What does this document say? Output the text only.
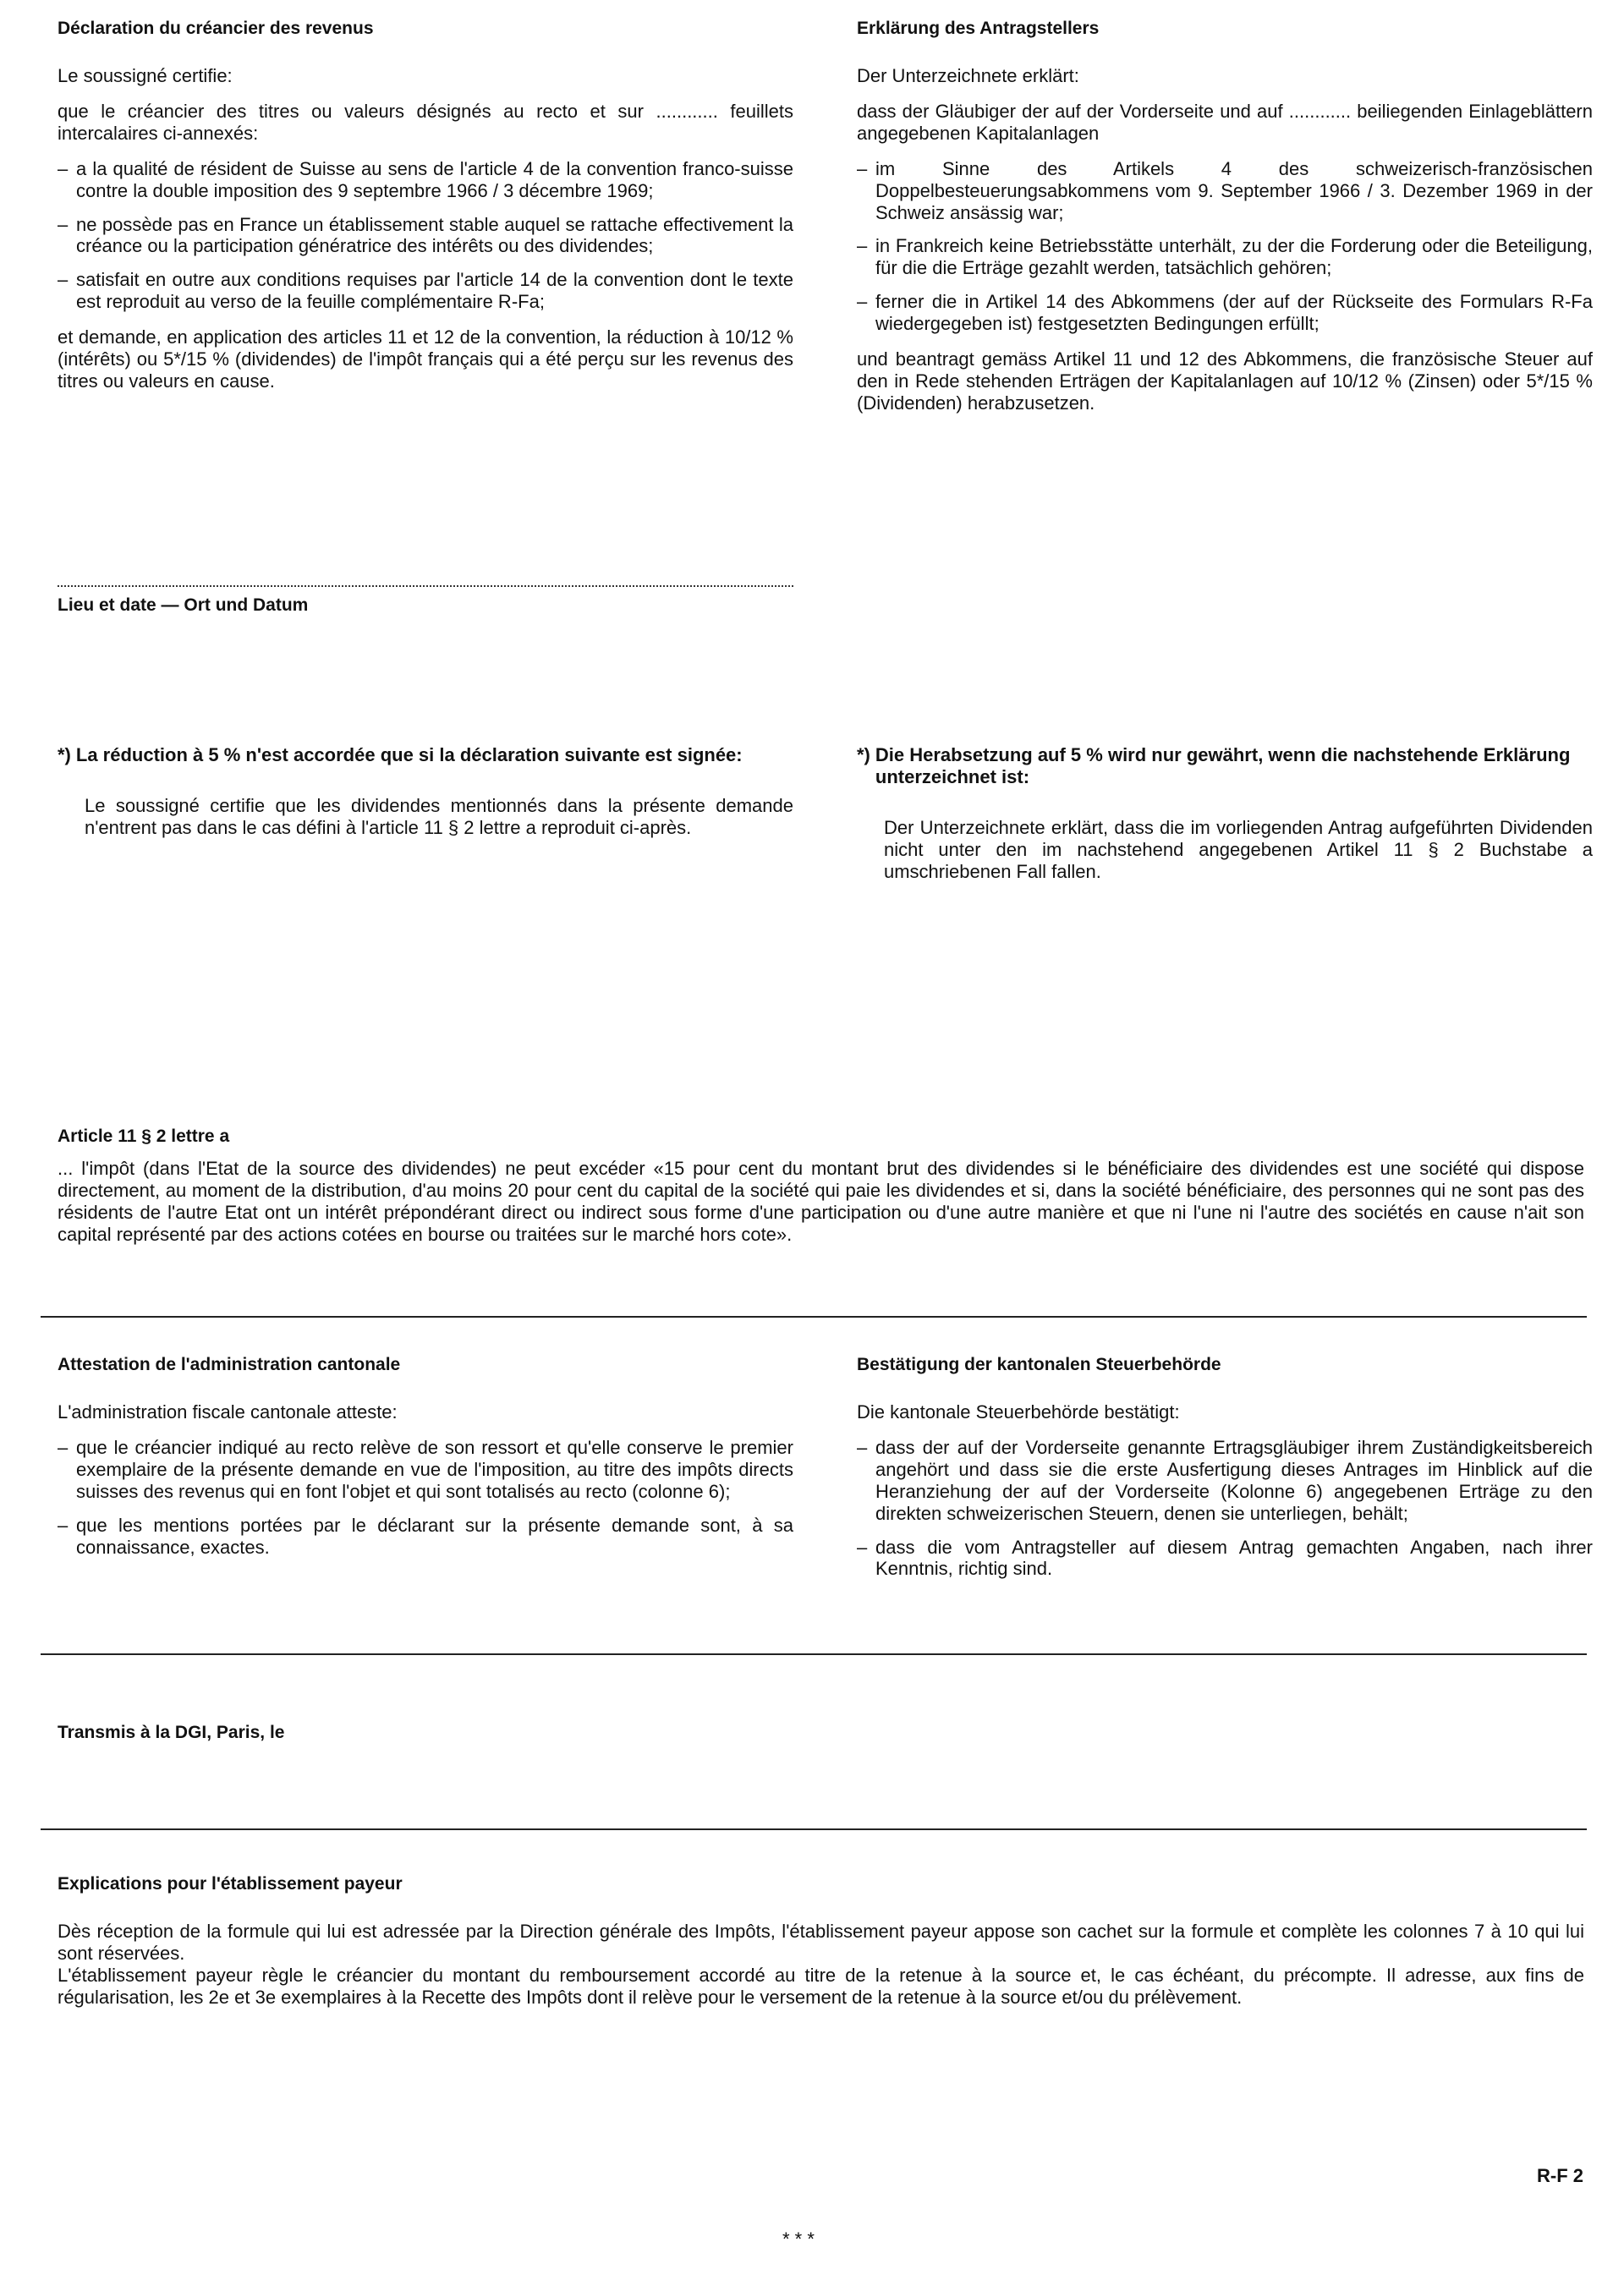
Déclaration du créancier des revenus

Le soussigné certifie:

que le créancier des titres ou valeurs désignés au recto et sur ............ feuillets intercalaires ci-annexés:

– a la qualité de résident de Suisse au sens de l'article 4 de la convention franco-suisse contre la double imposition des 9 septembre 1966 / 3 décembre 1969;
– ne possède pas en France un établissement stable auquel se rattache effectivement la créance ou la participation génératrice des intérêts ou des dividendes;
– satisfait en outre aux conditions requises par l'article 14 de la convention dont le texte est reproduit au verso de la feuille complémentaire R-Fa;

et demande, en application des articles 11 et 12 de la convention, la réduction à 10/12 % (intérêts) ou 5*/15 % (dividendes) de l'impôt français qui a été perçu sur les revenus des titres ou valeurs en cause.

Erklärung des Antragstellers

Der Unterzeichnete erklärt:

dass der Gläubiger der auf der Vorderseite und auf ............ beiliegenden Einlageblättern angegebenen Kapitalanlagen

– im Sinne des Artikels 4 des schweizerisch-französischen Doppelbesteuerungsabkommens vom 9. September 1966 / 3. Dezember 1969 in der Schweiz ansässig war;
– in Frankreich keine Betriebsstätte unterhält, zu der die Forderung oder die Beteiligung, für die die Erträge gezahlt werden, tatsächlich gehören;
– ferner die in Artikel 14 des Abkommens (der auf der Rückseite des Formulars R-Fa wiedergegeben ist) festgesetzten Bedingungen erfüllt;

und beantragt gemäss Artikel 11 und 12 des Abkommens, die französische Steuer auf den in Rede stehenden Erträgen der Kapitalanlagen auf 10/12 % (Zinsen) oder 5*/15 % (Dividenden) herabzusetzen.

Lieu et date — Ort und Datum
*) La réduction à 5 % n'est accordée que si la déclaration suivante est signée:

Le soussigné certifie que les dividendes mentionnés dans la présente demande n'entrent pas dans le cas défini à l'article 11 § 2 lettre a reproduit ci-après.

*) Die Herabsetzung auf 5 % wird nur gewährt, wenn die nachstehende Erklärung unterzeichnet ist:

Der Unterzeichnete erklärt, dass die im vorliegenden Antrag aufgeführten Dividenden nicht unter den im nachstehend angegebenen Artikel 11 § 2 Buchstabe a umschriebenen Fall fallen.

Article 11 § 2 lettre a

... l'impôt (dans l'Etat de la source des dividendes) ne peut excéder «15 pour cent du montant brut des dividendes si le bénéficiaire des dividendes est une société qui dispose directement, au moment de la distribution, d'au moins 20 pour cent du capital de la société qui paie les dividendes et si, dans la société bénéficiaire, des personnes qui ne sont pas des résidents de l'autre Etat ont un intérêt prépondérant direct ou indirect sous forme d'une participation ou d'une autre manière et que ni l'une ni l'autre des sociétés en cause n'ait son capital représenté par des actions cotées en bourse ou traitées sur le marché hors cote».

Attestation de l'administration cantonale

L'administration fiscale cantonale atteste:

– que le créancier indiqué au recto relève de son ressort et qu'elle conserve le premier exemplaire de la présente demande en vue de l'imposition, au titre des impôts directs suisses des revenus qui en font l'objet et qui sont totalisés au recto (colonne 6);
– que les mentions portées par le déclarant sur la présente demande sont, à sa connaissance, exactes.
Bestätigung der kantonalen Steuerbehörde

Die kantonale Steuerbehörde bestätigt:

– dass der auf der Vorderseite genannte Ertragsgläubiger ihrem Zuständigkeitsbereich angehört und dass sie die erste Ausfertigung dieses Antrages im Hinblick auf die Heranziehung der auf der Vorderseite (Kolonne 6) angegebenen Erträge zu den direkten schweizerischen Steuern, denen sie unterliegen, behält;
– dass die vom Antragsteller auf diesem Antrag gemachten Angaben, nach ihrer Kenntnis, richtig sind.
Transmis à la DGI, Paris, le
Explications pour l'établissement payeur

Dès réception de la formule qui lui est adressée par la Direction générale des Impôts, l'établissement payeur appose son cachet sur la formule et complète les colonnes 7 à 10 qui lui sont réservées.

L'établissement payeur règle le créancier du montant du remboursement accordé au titre de la retenue à la source et, le cas échéant, du précompte. Il adresse, aux fins de régularisation, les 2e et 3e exemplaires à la Recette des Impôts dont il relève pour le versement de la retenue à la source et/ou du prélèvement.

R-F 2
* * *
